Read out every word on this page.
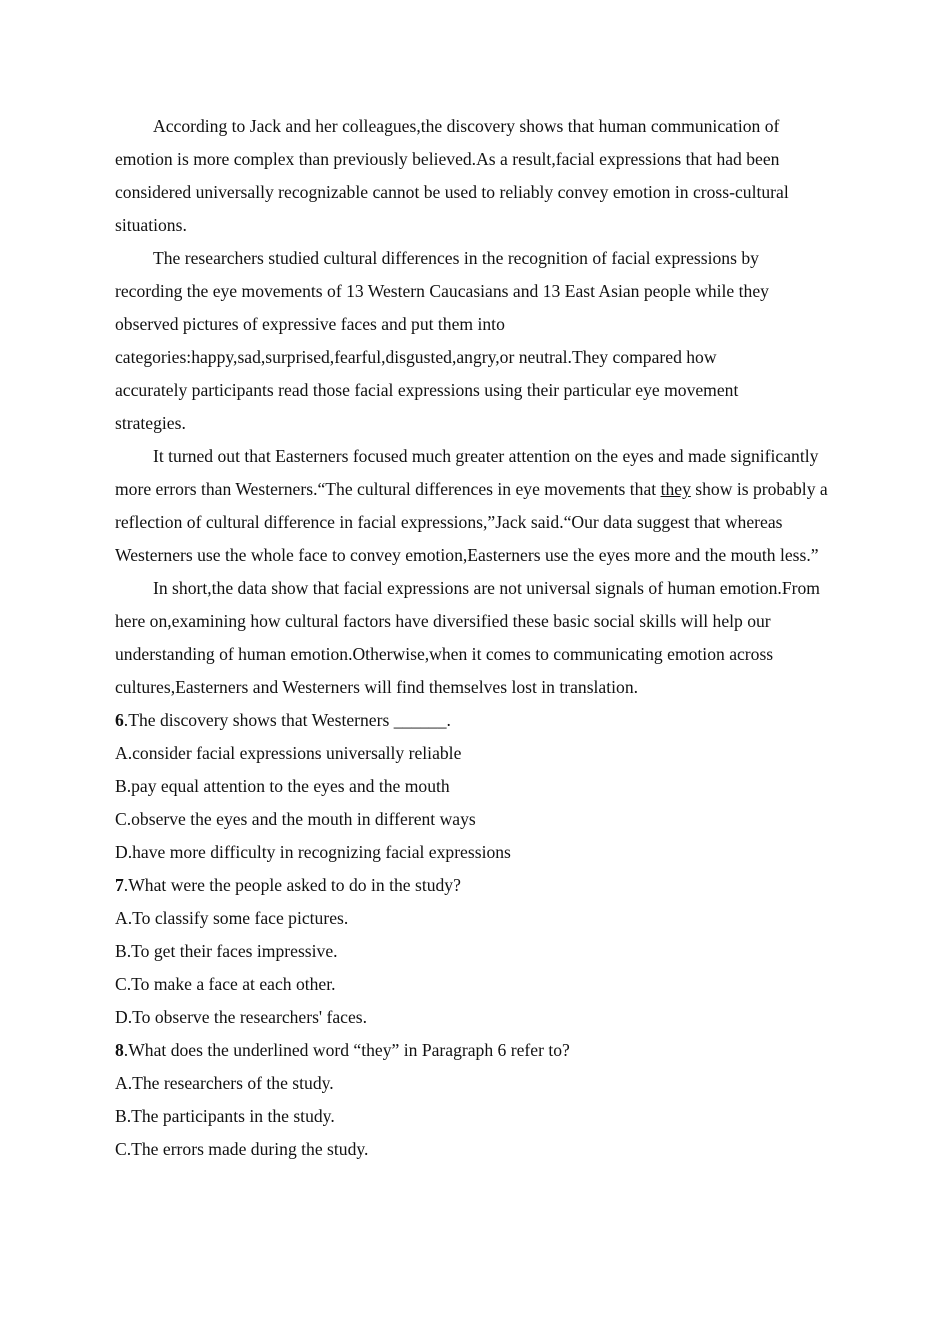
According to Jack and her colleagues,the discovery shows that human communication of emotion is more complex than previously believed.As a result,facial expressions that had been considered universally recognizable cannot be used to reliably convey emotion in cross-cultural situations.

The researchers studied cultural differences in the recognition of facial expressions by

recording the eye movements of 13 Western Caucasians and 13 East Asian people while they

observed pictures of expressive faces and put them into

categories:happy,sad,surprised,fearful,disgusted,angry,or neutral.They compared how

accurately participants read those facial expressions using their particular eye movement

strategies.

It turned out that Easterners focused much greater attention on the eyes and made significantly more errors than Westerners.“The cultural differences in eye movements that they show is probably a reflection of cultural difference in facial expressions,”Jack said.“Our data suggest that whereas Westerners use the whole face to convey emotion,Easterners use the eyes more and the mouth less.”

In short,the data show that facial expressions are not universal signals of human emotion.From here on,examining how cultural factors have diversified these basic social skills will help our understanding of human emotion.Otherwise,when it comes to communicating emotion across cultures,Easterners and Westerners will find themselves lost in translation.

6.The discovery shows that Westerners ______.

A.consider facial expressions universally reliable

B.pay equal attention to the eyes and the mouth

C.observe the eyes and the mouth in different ways

D.have more difficulty in recognizing facial expressions

7.What were the people asked to do in the study?

A.To classify some face pictures.

B.To get their faces impressive.

C.To make a face at each other.

D.To observe the researchers' faces.

8.What does the underlined word “they” in Paragraph 6 refer to?

A.The researchers of the study.

B.The participants in the study.

C.The errors made during the study.
